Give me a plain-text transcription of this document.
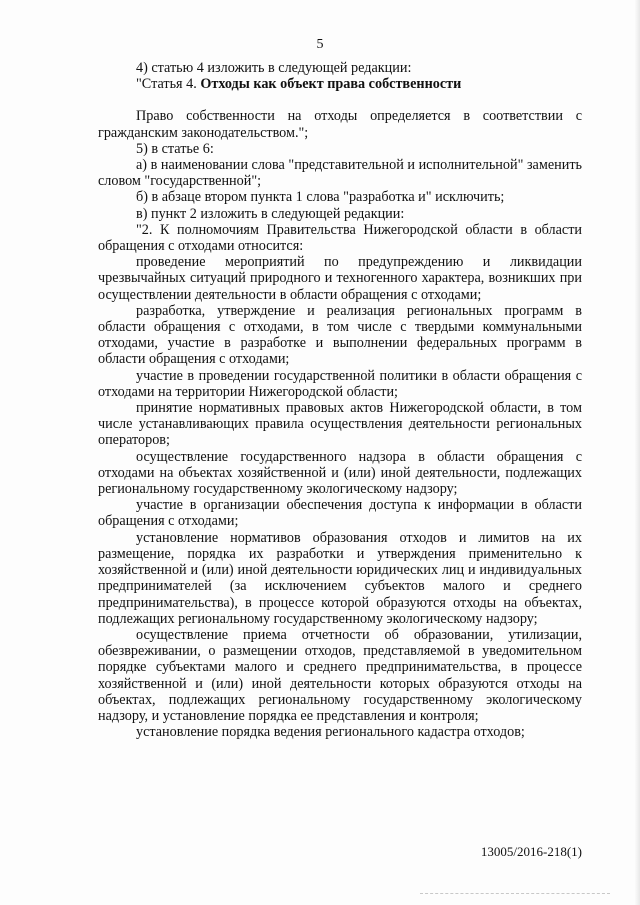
5

4) статью 4 изложить в следующей редакции:

"Статья 4. Отходы как объект права собственности

Право собственности на отходы определяется в соответствии с гражданским законодательством.";

5) в статье 6:

а) в наименовании слова "представительной и исполнительной" заменить словом "государственной";

б) в абзаце втором пункта 1 слова "разработка и" исключить;

в) пункт 2 изложить в следующей редакции:

"2. К полномочиям Правительства Нижегородской области в области обращения с отходами относится:

проведение мероприятий по предупреждению и ликвидации чрезвычайных ситуаций природного и техногенного характера, возникших при осуществлении деятельности в области обращения с отходами;

разработка, утверждение и реализация региональных программ в области обращения с отходами, в том числе с твердыми коммунальными отходами, участие в разработке и выполнении федеральных программ в области обращения с отходами;

участие в проведении государственной политики в области обращения с отходами на территории Нижегородской области;

принятие нормативных правовых актов Нижегородской области, в том числе устанавливающих правила осуществления деятельности региональных операторов;

осуществление государственного надзора в области обращения с отходами на объектах хозяйственной и (или) иной деятельности, подлежащих региональному государственному экологическому надзору;

участие в организации обеспечения доступа к информации в области обращения с отходами;

установление нормативов образования отходов и лимитов на их размещение, порядка их разработки и утверждения применительно к хозяйственной и (или) иной деятельности юридических лиц и индивидуальных предпринимателей (за исключением субъектов малого и среднего предпринимательства), в процессе которой образуются отходы на объектах, подлежащих региональному государственному экологическому надзору;

осуществление приема отчетности об образовании, утилизации, обезвреживании, о размещении отходов, представляемой в уведомительном порядке субъектами малого и среднего предпринимательства, в процессе хозяйственной и (или) иной деятельности которых образуются отходы на объектах, подлежащих региональному государственному экологическому надзору, и установление порядка ее представления и контроля;

установление порядка ведения регионального кадастра отходов;

13005/2016-218(1)
